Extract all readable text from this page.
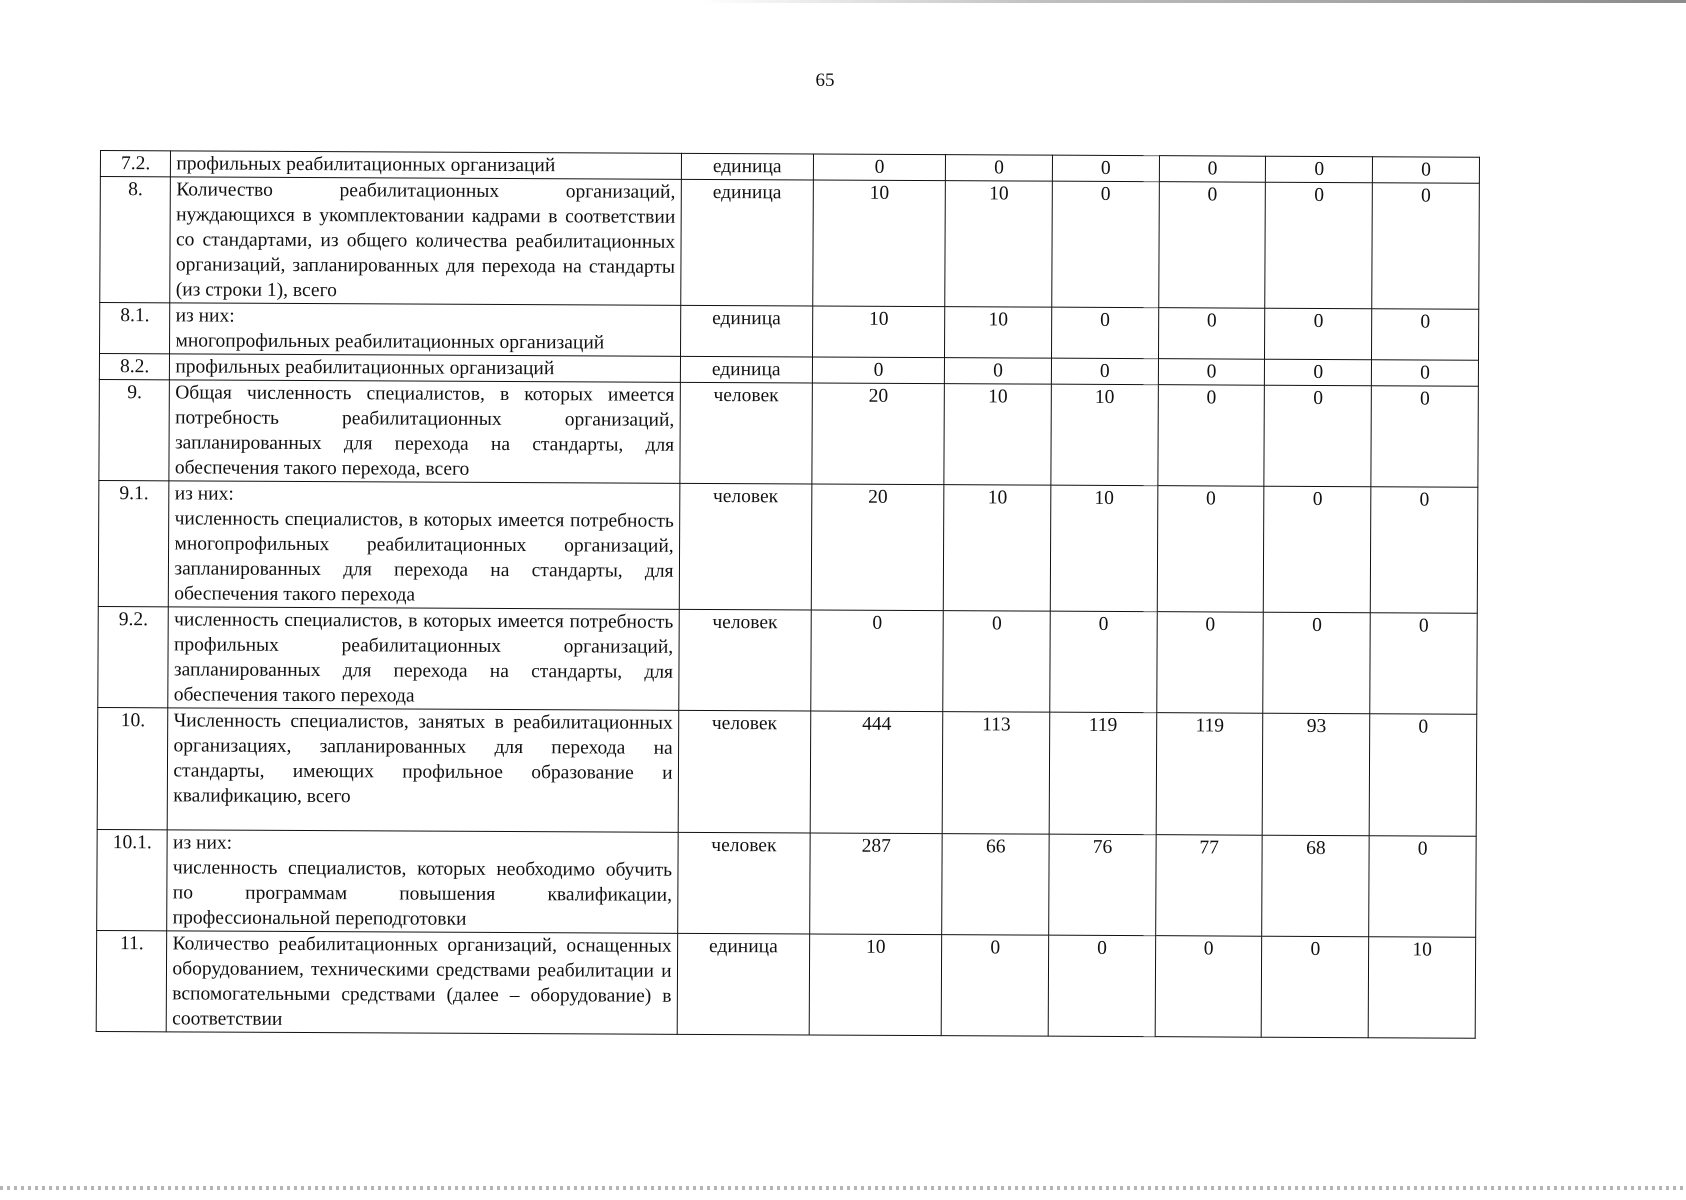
65
7.2.	профильных реабилитационных организаций	единица	0	0	0	0	0	0
8.	Количество реабилитационных организаций, нуждающихся в укомплектовании кадрами в соответствии со стандартами, из общего количества реабилитационных организаций, запланированных для перехода на стандарты (из строки 1), всего	единица	10	10	0	0	0	0
8.1.	из них:
многопрофильных реабилитационных организаций	единица	10	10	0	0	0	0
8.2.	профильных реабилитационных организаций	единица	0	0	0	0	0	0
9.	Общая численность специалистов, в которых имеется потребность реабилитационных организаций, запланированных для перехода на стандарты, для обеспечения такого перехода, всего	человек	20	10	10	0	0	0
9.1.	из них:
численность специалистов, в которых имеется потребность многопрофильных реабилитационных организаций, запланированных для перехода на стандарты, для обеспечения такого перехода	человек	20	10	10	0	0	0
9.2.	численность специалистов, в которых имеется потребность профильных реабилитационных организаций, запланированных для перехода на стандарты, для обеспечения такого перехода	человек	0	0	0	0	0	0
10.	Численность специалистов, занятых в реабилитационных организациях, запланированных для перехода на стандарты, имеющих профильное образование и квалификацию, всего	человек	444	113	119	119	93	0
10.1.	из них:
численность специалистов, которых необходимо обучить по программам повышения квалификации, профессиональной переподготовки	человек	287	66	76	77	68	0
11.	Количество реабилитационных организаций, оснащенных оборудованием, техническими средствами реабилитации и вспомогательными средствами (далее – оборудование) в соответствии	единица	10	0	0	0	0	10
